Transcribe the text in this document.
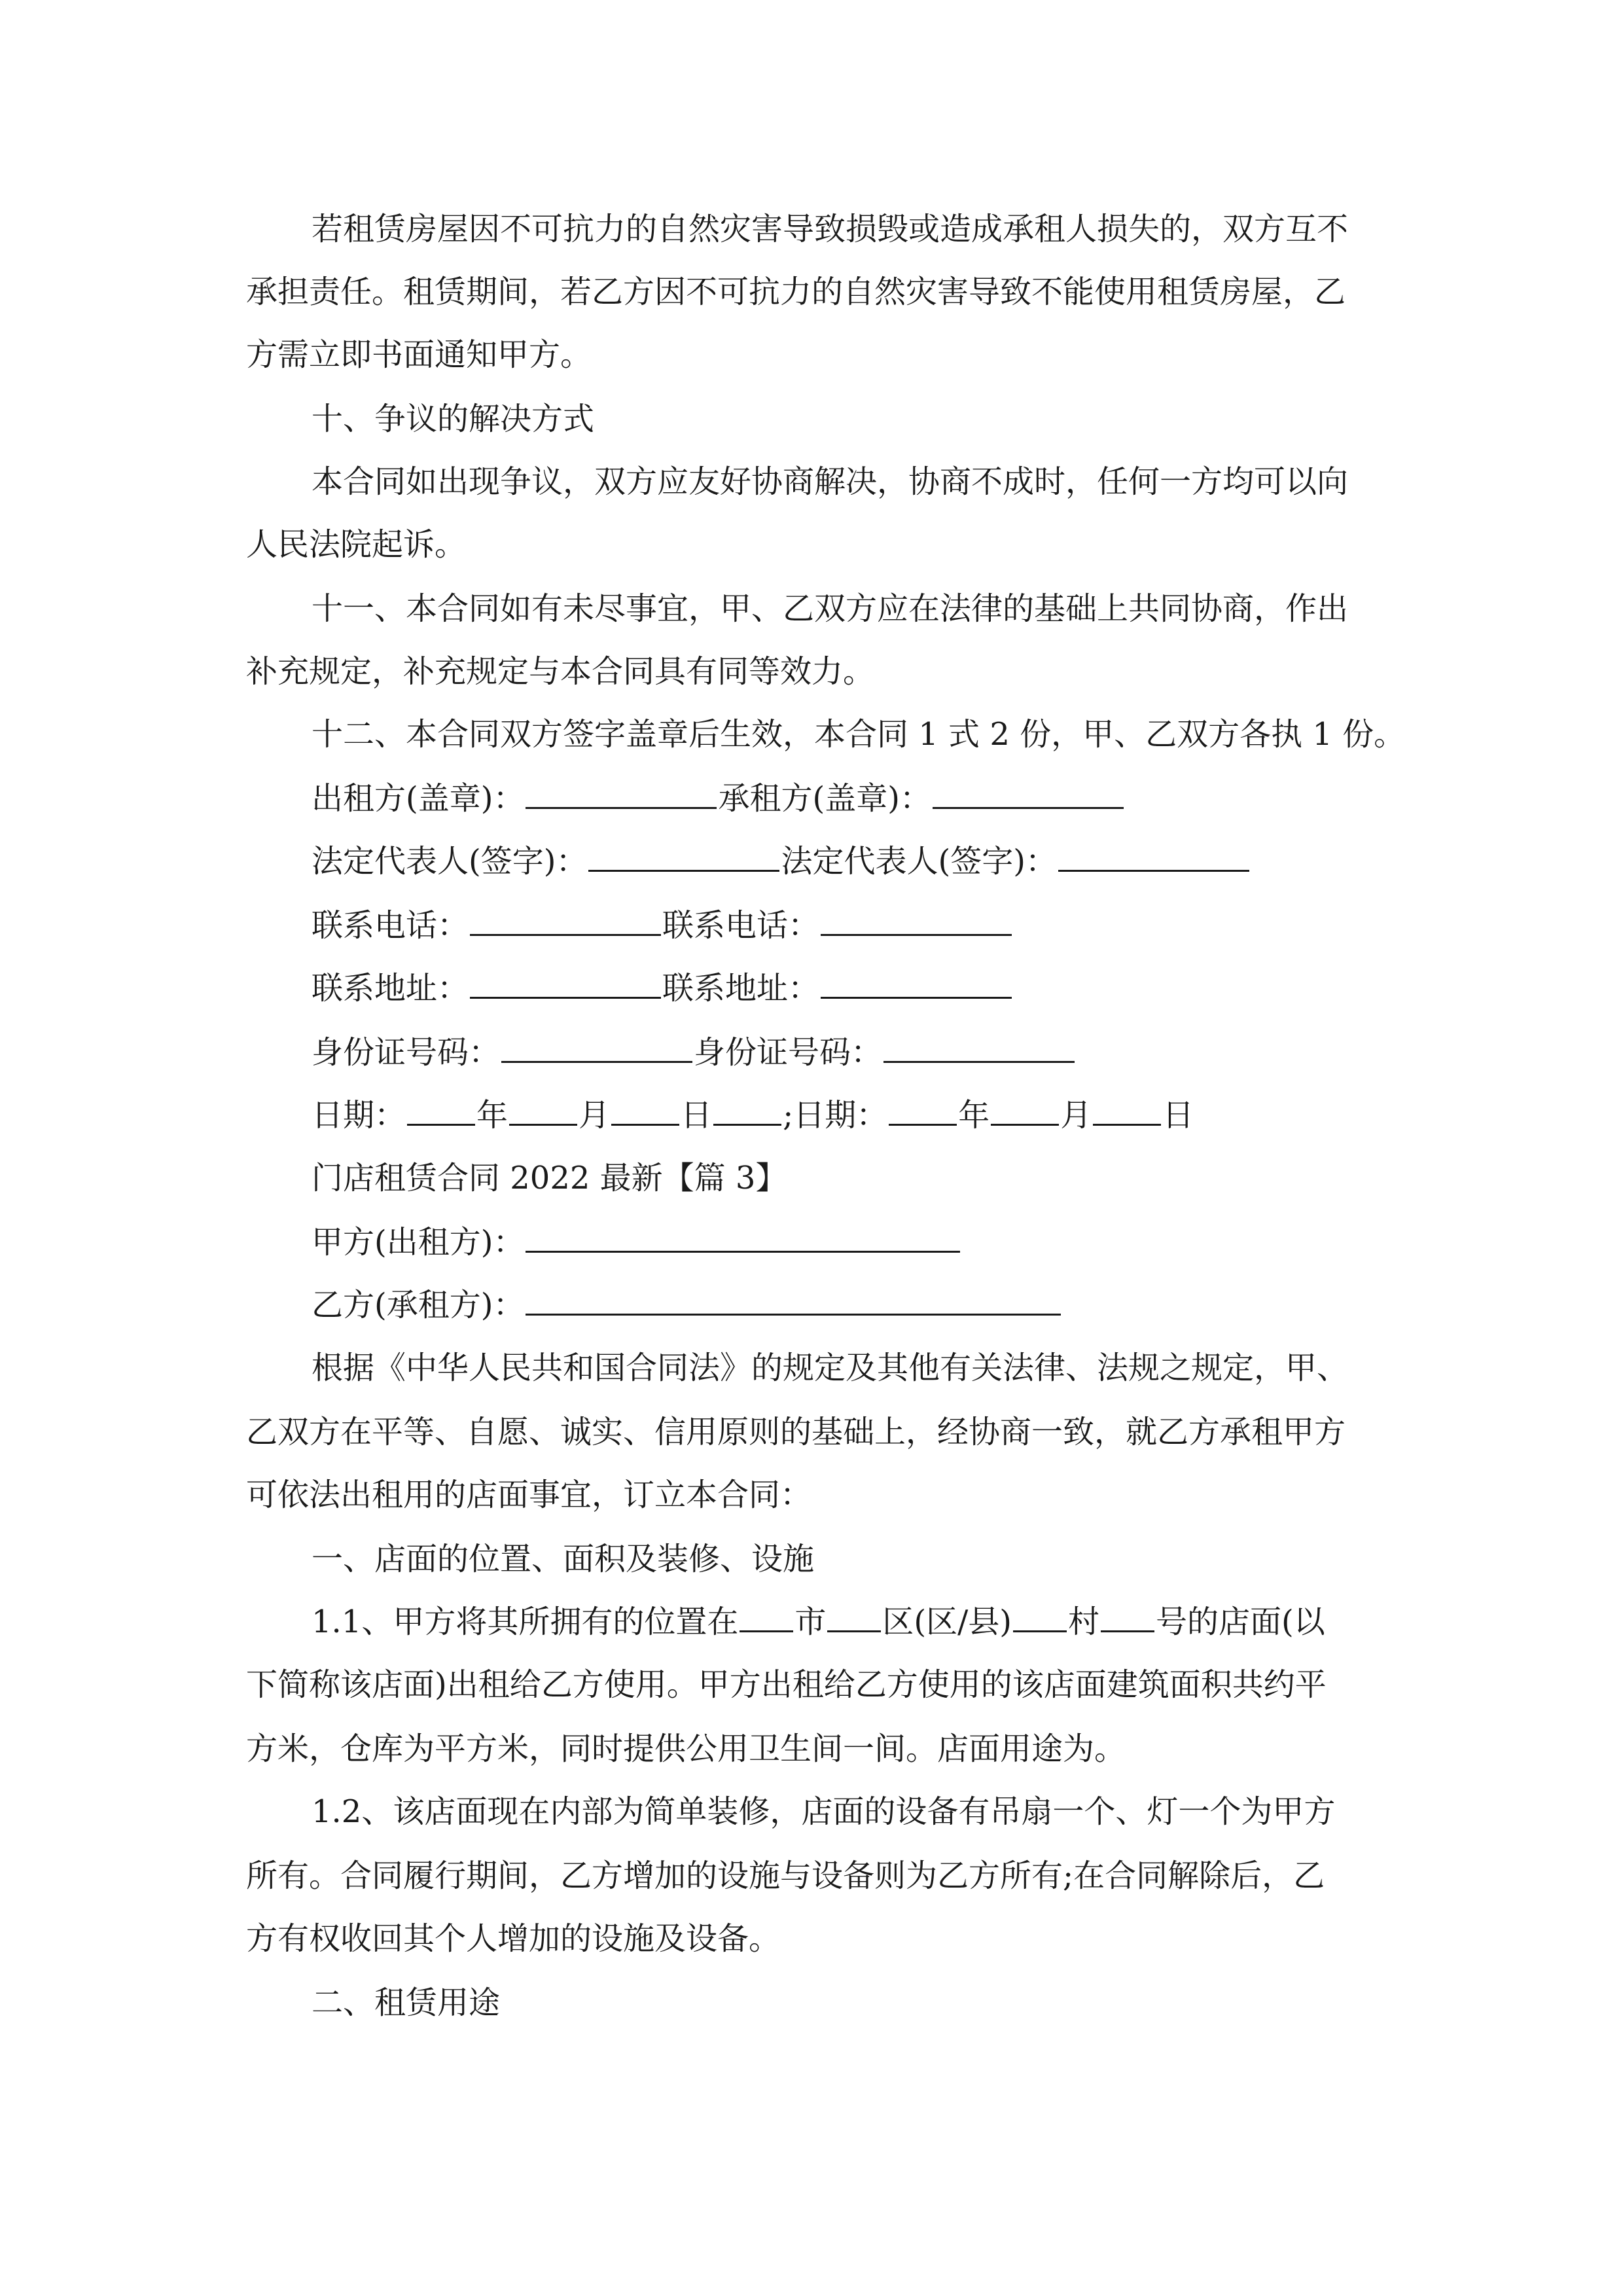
若租赁房屋因不可抗力的自然灾害导致损毁或造成承租人损失的，双方互不

承担责任。租赁期间，若乙方因不可抗力的自然灾害导致不能使用租赁房屋，乙

方需立即书面通知甲方。

十、争议的解决方式

本合同如出现争议，双方应友好协商解决，协商不成时，任何一方均可以向

人民法院起诉。

十一、本合同如有未尽事宜，甲、乙双方应在法律的基础上共同协商，作出

补充规定，补充规定与本合同具有同等效力。

十二、本合同双方签字盖章后生效，本合同 1 式 2 份，甲、乙双方各执 1 份。

出租方(盖章)：	承租方(盖章)：

法定代表人(签字)：	法定代表人(签字)：

联系电话：	联系电话：

联系地址：	联系地址：

身份证号码：	身份证号码：

日期： 年 月 日 ;日期： 年 月 日

门店租赁合同 2022 最新【篇 3】

甲方(出租方)：

乙方(承租方)：

根据《中华人民共和国合同法》的规定及其他有关法律、法规之规定，甲、

乙双方在平等、自愿、诚实、信用原则的基础上，经协商一致，就乙方承租甲方

可依法出租用的店面事宜，订立本合同：

一、店面的位置、面积及装修、设施

1.1、甲方将其所拥有的位置在 市 区(区/县) 村 号的店面(以

下简称该店面)出租给乙方使用。甲方出租给乙方使用的该店面建筑面积共约平

方米，仓库为平方米，同时提供公用卫生间一间。店面用途为。

1.2、该店面现在内部为简单装修，店面的设备有吊扇一个、灯一个为甲方

所有。合同履行期间，乙方增加的设施与设备则为乙方所有;在合同解除后，乙

方有权收回其个人增加的设施及设备。

二、租赁用途
